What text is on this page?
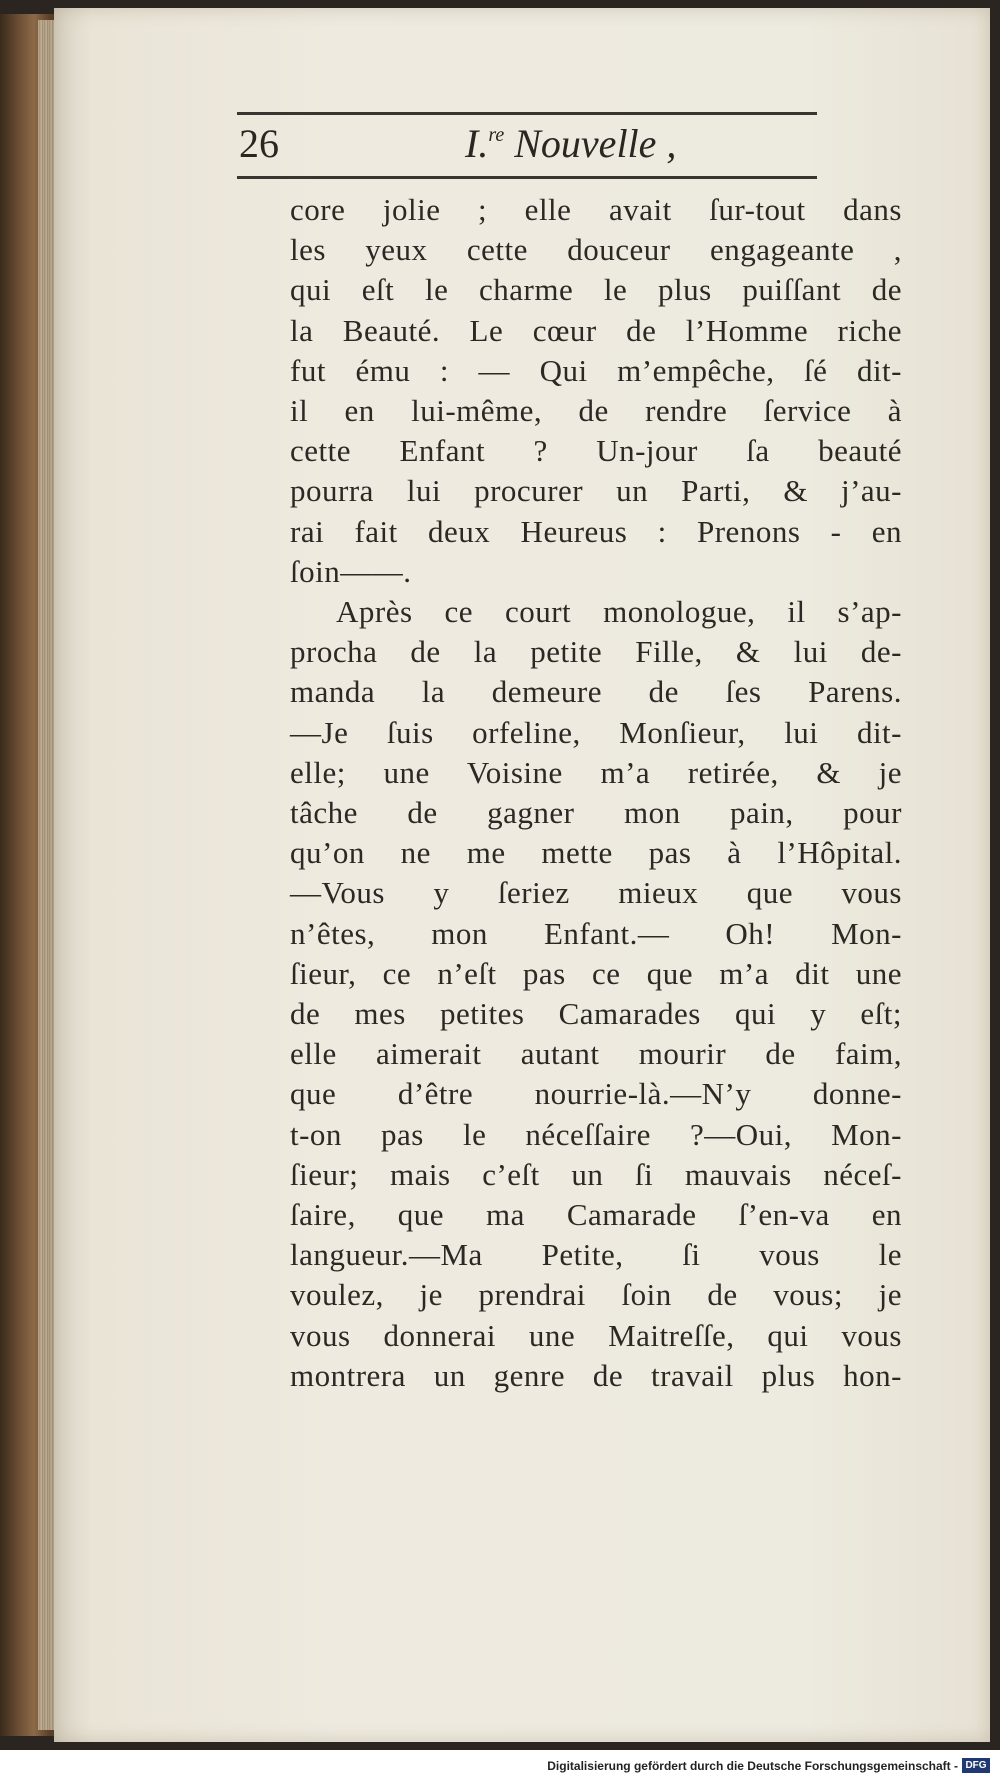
26	I.$^{re}$ Nouvelle ,
core jolie ; elle avait ſur-tout dans
les yeux cette douceur engageante ,
qui eſt le charme le plus puiſſant de
la Beauté. Le cœur de l’Homme riche
fut ému : — Qui m’empêche, ſé dit-
il en lui-même, de rendre ſervice à
cette Enfant ? Un-jour ſa beauté
pourra lui procurer un Parti, & j’au-
rai fait deux Heureus : Prenons - en
ſoin——.
Après ce court monologue, il s’ap-
procha de la petite Fille, & lui de-
manda la demeure de ſes Parens.
—Je ſuis orfeline, Monſieur, lui dit-
elle; une Voisine m’a retirée, & je
tâche de gagner mon pain, pour
qu’on ne me mette pas à l’Hôpital.
—Vous y ſeriez mieux que vous
n’êtes, mon Enfant.— Oh! Mon-
ſieur, ce n’eſt pas ce que m’a dit une
de mes petites Camarades qui y eſt;
elle aimerait autant mourir de faim,
que d’être nourrie-là.—N’y donne-
t-on pas le néceſſaire ?—Oui, Mon-
ſieur; mais c’eſt un ſi mauvais néceſ-
ſaire, que ma Camarade ſ’en-va en
langueur.—Ma Petite, ſi vous le
voulez, je prendrai ſoin de vous; je
vous donnerai une Maitreſſe, qui vous
montrera un genre de travail plus hon-
Digitalisierung gefördert durch die Deutsche Forschungsgemeinschaft - DFG
